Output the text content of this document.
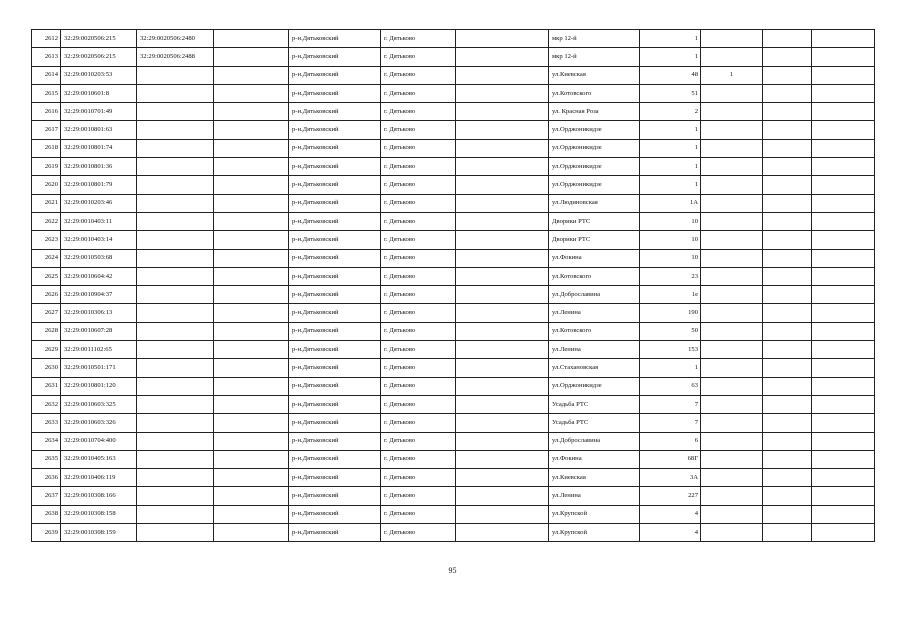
2612	32:29:0020506:215	32:29:0020506:2480		р-н.Дятьковский	г. Дятьково		мкр 12-й	1			
2613	32:29:0020506:215	32:29:0020506:2488		р-н.Дятьковский	г. Дятьково		мкр 12-й	1			
2614	32:29:0010203:53			р-н.Дятьковский	г. Дятьково		ул.Киевская	48	1		
2615	32:29:0010601:8			р-н.Дятьковский	г. Дятьково		ул.Котовского	51			
2616	32:29:0010701:49			р-н.Дятьковский	г. Дятьково		ул. Красная Роза	2			
2617	32:29:0010801:63			р-н.Дятьковский	г. Дятьково		ул.Орджоникидзе	1			
2618	32:29:0010801:74			р-н.Дятьковский	г. Дятьково		ул.Орджоникидзе	1			
2619	32:29:0010801:36			р-н.Дятьковский	г. Дятьково		ул.Орджоникидзе	1			
2620	32:29:0010801:79			р-н.Дятьковский	г. Дятьково		ул.Орджоникидзе	1			
2621	32:29:0010203:46			р-н.Дятьковский	г. Дятьково		ул.Людиновская	1А			
2622	32:29:0010403:11			р-н.Дятьковский	г. Дятьково		Дворики РТС	10			
2623	32:29:0010403:14			р-н.Дятьковский	г. Дятьково		Дворики РТС	10			
2624	32:29:0010503:68			р-н.Дятьковский	г. Дятьково		ул.Фокина	10			
2625	32:29:0010604:42			р-н.Дятьковский	г. Дятьково		ул.Котовского	23			
2626	32:29:0010904:37			р-н.Дятьковский	г. Дятьково		ул.Доброславина	1е			
2627	32:29:0010306:13			р-н.Дятьковский	г. Дятьково		ул.Ленина	190			
2628	32:29:0010607:28			р-н.Дятьковский	г. Дятьково		ул.Котовского	50			
2629	32:29:0011102:65			р-н.Дятьковский	г. Дятьково		ул.Ленина	153			
2630	32:29:0010501:171			р-н.Дятьковский	г. Дятьково		ул.Стахановская	1			
2631	32:29:0010801:120			р-н.Дятьковский	г. Дятьково		ул.Орджоникидзе	63			
2632	32:29:0010603:325			р-н.Дятьковский	г. Дятьково		Усадьба РТС	7			
2633	32:29:0010603:326			р-н.Дятьковский	г. Дятьково		Усадьба РТС	7			
2634	32:29:0010704:400			р-н.Дятьковский	г. Дятьково		ул.Доброславина	6			
2635	32:29:0010405:163			р-н.Дятьковский	г. Дятьково		ул.Фокина	68Г			
2636	32:29:0010406:119			р-н.Дятьковский	г. Дятьково		ул.Киевская	3А			
2637	32:29:0010308:166			р-н.Дятьковский	г. Дятьково		ул.Ленина	227			
2638	32:29:0010308:158			р-н.Дятьковский	г. Дятьково		ул.Крупской	4			
2639	32:29:0010308:159			р-н.Дятьковский	г. Дятьково		ул.Крупской	4			
95
